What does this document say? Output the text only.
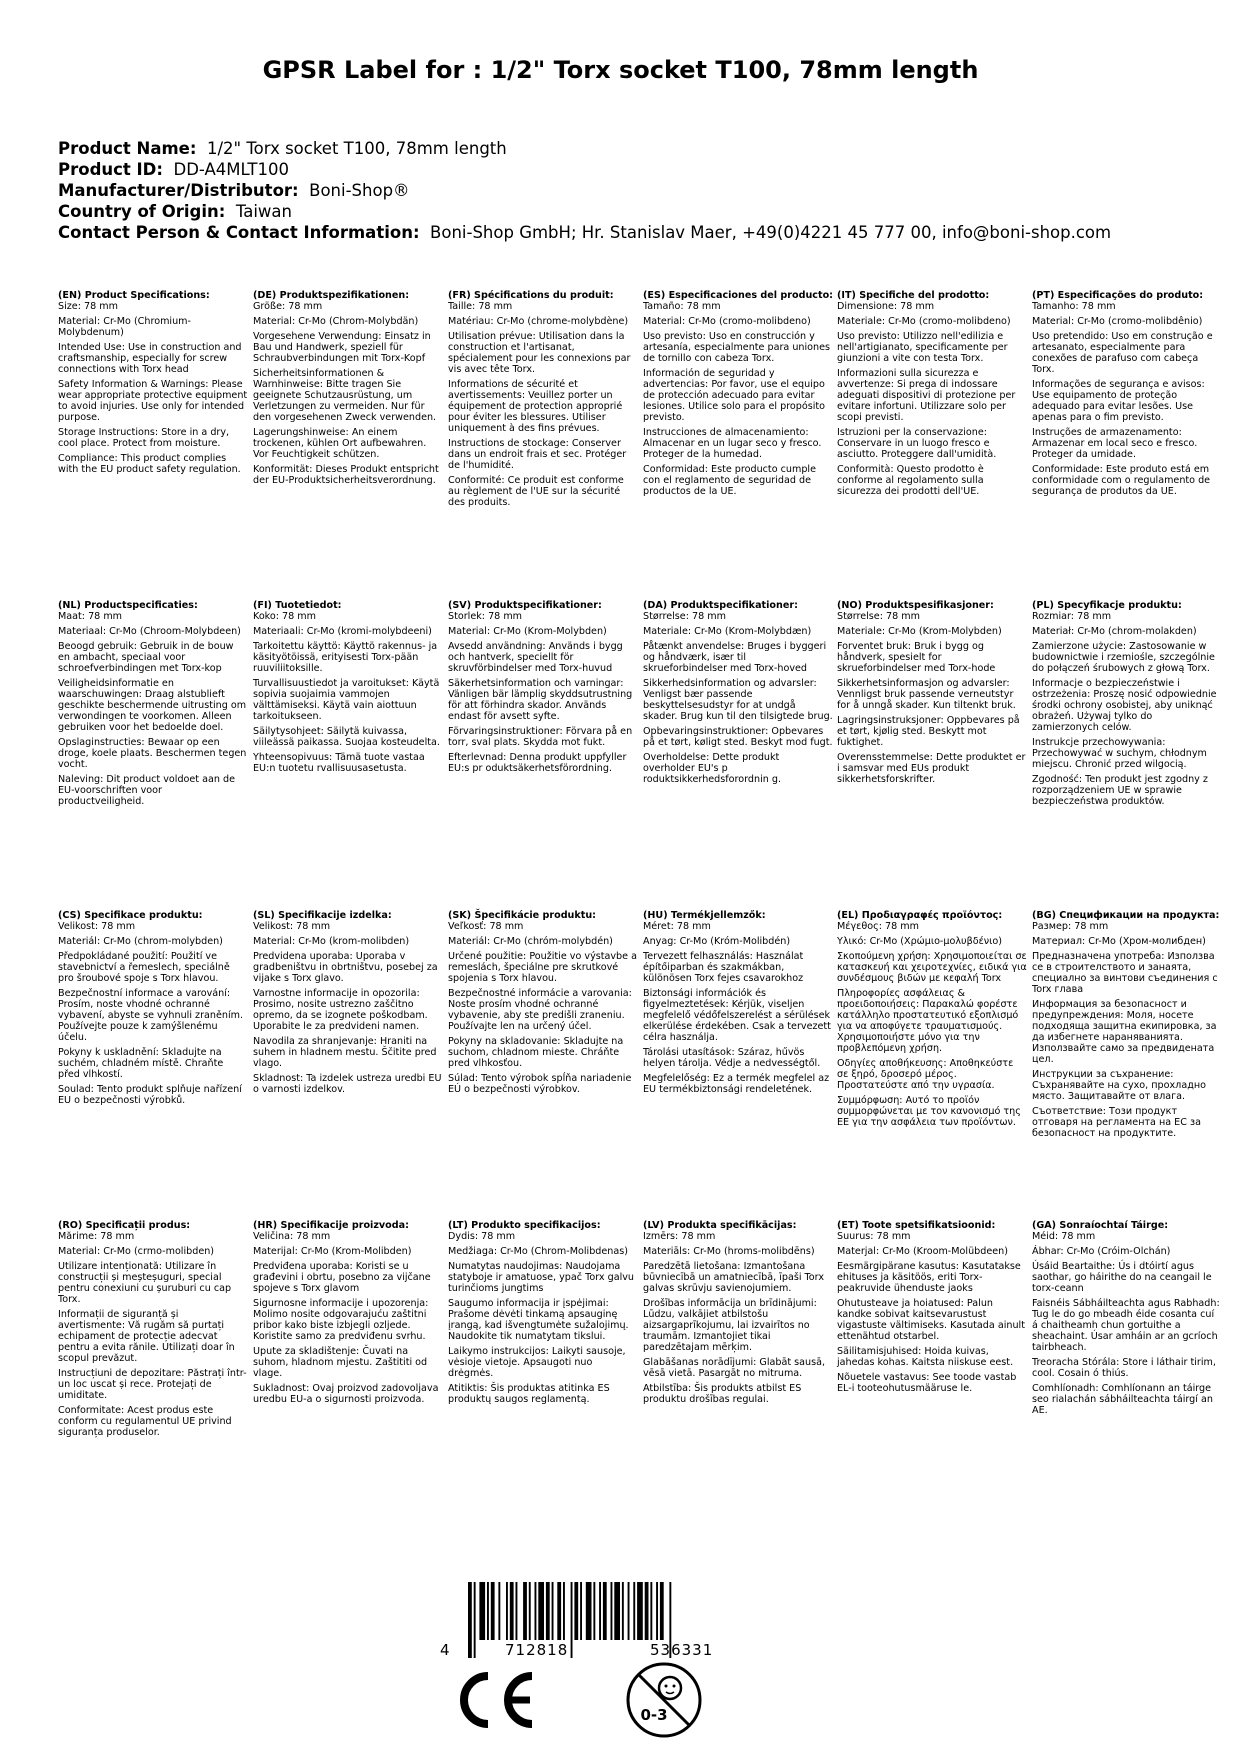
GPSR Label for : 1/2" Torx socket T100, 78mm length
Product Name: 1/2" Torx socket T100, 78mm length
Product ID: DD-A4MLT100
Manufacturer/Distributor: Boni-Shop®
Country of Origin: Taiwan
Contact Person & Contact Information: Boni-Shop GmbH; Hr. Stanislav Maer, +49(0)4221 45 777 00, info@boni-shop.com
(EN) Product Specifications:
Size: 78 mm
Material: Cr-Mo (Chromium-Molybdenum)
Intended Use: Use in construction and craftsmanship, especially for screw connections with Torx head
Safety Information & Warnings: Please wear appropriate protective equipment to avoid injuries. Use only for intended purpose.
Storage Instructions: Store in a dry, cool place. Protect from moisture.
Compliance: This product complies with the EU product safety regulation.
(DE) Produktspezifikationen:
Größe: 78 mm
Material: Cr-Mo (Chrom-Molybdän)
Vorgesehene Verwendung: Einsatz in Bau und Handwerk, speziell für Schraubverbindungen mit Torx-Kopf
Sicherheitsinformationen & Warnhinweise: Bitte tragen Sie geeignete Schutzausrüstung, um Verletzungen zu vermeiden. Nur für den vorgesehenen Zweck verwenden.
Lagerungshinweise: An einem trockenen, kühlen Ort aufbewahren. Vor Feuchtigkeit schützen.
Konformität: Dieses Produkt entspricht der EU-Produktsicherheitsverordnung.
(FR) Spécifications du produit:
Taille: 78 mm
Matériau: Cr-Mo (chrome-molybdène)
Utilisation prévue: Utilisation dans la construction et l'artisanat, spécialement pour les connexions par vis avec tête Torx.
Informations de sécurité et avertissements: Veuillez porter un équipement de protection approprié pour éviter les blessures. Utiliser uniquement à des fins prévues.
Instructions de stockage: Conserver dans un endroit frais et sec. Protéger de l'humidité.
Conformité: Ce produit est conforme au règlement de l'UE sur la sécurité des produits.
(ES) Especificaciones del producto:
Tamaño: 78 mm
Material: Cr-Mo (cromo-molibdeno)
Uso previsto: Uso en construcción y artesanía, especialmente para uniones de tornillo con cabeza Torx.
Información de seguridad y advertencias: Por favor, use el equipo de protección adecuado para evitar lesiones. Utilice solo para el propósito previsto.
Instrucciones de almacenamiento: Almacenar en un lugar seco y fresco. Proteger de la humedad.
Conformidad: Este producto cumple con el reglamento de seguridad de productos de la UE.
(IT) Specifiche del prodotto:
Dimensione: 78 mm
Materiale: Cr-Mo (cromo-molibdeno)
Uso previsto: Utilizzo nell'edilizia e nell'artigianato, specificamente per giunzioni a vite con testa Torx.
Informazioni sulla sicurezza e avvertenze: Si prega di indossare adeguati dispositivi di protezione per evitare infortuni. Utilizzare solo per scopi previsti.
Istruzioni per la conservazione: Conservare in un luogo fresco e asciutto. Proteggere dall'umidità.
Conformità: Questo prodotto è conforme al regolamento sulla sicurezza dei prodotti dell'UE.
(PT) Especificações do produto:
Tamanho: 78 mm
Material: Cr-Mo (cromo-molibdênio)
Uso pretendido: Uso em construção e artesanato, especialmente para conexões de parafuso com cabeça Torx.
Informações de segurança e avisos: Use equipamento de proteção adequado para evitar lesões. Use apenas para o fim previsto.
Instruções de armazenamento: Armazenar em local seco e fresco. Proteger da umidade.
Conformidade: Este produto está em conformidade com o regulamento de segurança de produtos da UE.
(NL) Productspecificaties:
Maat: 78 mm
Materiaal: Cr-Mo (Chroom-Molybdeen)
Beoogd gebruik: Gebruik in de bouw en ambacht, speciaal voor schroefverbindingen met Torx-kop
Veiligheidsinformatie en waarschuwingen: Draag alstublieft geschikte beschermende uitrusting om verwondingen te voorkomen. Alleen gebruiken voor het bedoelde doel.
Opslaginstructies: Bewaar op een droge, koele plaats. Beschermen tegen vocht.
Naleving: Dit product voldoet aan de EU-voorschriften voor productveiligheid.
(FI) Tuotetiedot:
Koko: 78 mm
Materiaali: Cr-Mo (kromi-molybdeeni)
Tarkoitettu käyttö: Käyttö rakennus- ja käsityötöissä, erityisesti Torx-pään ruuviliitoksille.
Turvallisuustiedot ja varoitukset: Käytä sopivia suojaimia vammojen välttämiseksi. Käytä vain aiottuun tarkoitukseen.
Säilytysohjeet: Säilytä kuivassa, viileässä paikassa. Suojaa kosteudelta.
Yhteensopivuus: Tämä tuote vastaa EU:n tuotetu rvallisuusasetusta.
(SV) Produktspecifikationer:
Storlek: 78 mm
Material: Cr-Mo (Krom-Molybden)
Avsedd användning: Används i bygg och hantverk, speciellt för skruvförbindelser med Torx-huvud
Säkerhetsinformation och varningar: Vänligen bär lämplig skyddsutrustning för att förhindra skador. Används endast för avsett syfte.
Förvaringsinstruktioner: Förvara på en torr, sval plats. Skydda mot fukt.
Efterlevnad: Denna produkt uppfyller EU:s pr oduktsäkerhetsförordning.
(DA) Produktspecifikationer:
Størrelse: 78 mm
Materiale: Cr-Mo (Krom-Molybdæn)
Påtænkt anvendelse: Bruges i byggeri og håndværk, især til skrueforbindelser med Torx-hoved
Sikkerhedsinformation og advarsler: Venligst bær passende beskyttelsesudstyr for at undgå skader. Brug kun til den tilsigtede brug.
Opbevaringsinstruktioner: Opbevares på et tørt, køligt sted. Beskyt mod fugt.
Overholdelse: Dette produkt overholder EU's p roduktsikkerhedsforordnin g.
(NO) Produktspesifikasjoner:
Størrelse: 78 mm
Materiale: Cr-Mo (Krom-Molybden)
Forventet bruk: Bruk i bygg og håndverk, spesielt for skrueforbindelser med Torx-hode
Sikkerhetsinformasjon og advarsler: Vennligst bruk passende verneutstyr for å unngå skader. Kun tiltenkt bruk.
Lagringsinstruksjoner: Oppbevares på et tørt, kjølig sted. Beskytt mot fuktighet.
Overensstemmelse: Dette produktet er i samsvar med EUs produkt sikkerhetsforskrifter.
(PL) Specyfikacje produktu:
Rozmiar: 78 mm
Materiał: Cr-Mo (chrom-molakden)
Zamierzone użycie: Zastosowanie w budownictwie i rzemiośle, szczególnie do połączeń śrubowych z głową Torx.
Informacje o bezpieczeństwie i ostrzeżenia: Proszę nosić odpowiednie środki ochrony osobistej, aby uniknąć obrażeń. Używaj tylko do zamierzonych celów.
Instrukcje przechowywania: Przechowywać w suchym, chłodnym miejscu. Chronić przed wilgocią.
Zgodność: Ten produkt jest zgodny z rozporządzeniem UE w sprawie bezpieczeństwa produktów.
(CS) Specifikace produktu:
Velikost: 78 mm
Materiál: Cr-Mo (chrom-molybden)
Předpokládané použití: Použití ve stavebnictví a řemeslech, speciálně pro šroubové spoje s Torx hlavou.
Bezpečnostní informace a varování: Prosím, noste vhodné ochranné vybavení, abyste se vyhnuli zraněním. Používejte pouze k zamýšlenému účelu.
Pokyny k uskladnění: Skladujte na suchém, chladném místě. Chraňte před vlhkostí.
Soulad: Tento produkt splňuje nařízení EU o bezpečnosti výrobků.
(SL) Specifikacije izdelka:
Velikost: 78 mm
Material: Cr-Mo (krom-molibden)
Predvidena uporaba: Uporaba v gradbeništvu in obrtništvu, posebej za vijake s Torx glavo.
Varnostne informacije in opozorila: Prosimo, nosite ustrezno zaščitno opremo, da se izognete poškodbam. Uporabite le za predvideni namen.
Navodila za shranjevanje: Hraniti na suhem in hladnem mestu. Ščitite pred vlago.
Skladnost: Ta izdelek ustreza uredbi EU o varnosti izdelkov.
(SK) Špecifikácie produktu:
Veľkosť: 78 mm
Materiál: Cr-Mo (chróm-molybdén)
Určené použitie: Použitie vo výstavbe a remeslách, špeciálne pre skrutkové spojenia s Torx hlavou.
Bezpečnostné informácie a varovania: Noste prosím vhodné ochranné vybavenie, aby ste predišli zraneniu. Používajte len na určený účel.
Pokyny na skladovanie: Skladujte na suchom, chladnom mieste. Chráňte pred vlhkosťou.
Súlad: Tento výrobok spĺňa nariadenie EÚ o bezpečnosti výrobkov.
(HU) Termékjellemzők:
Méret: 78 mm
Anyag: Cr-Mo (Króm-Molibdén)
Tervezett felhasználás: Használat építőiparban és szakmákban, különösen Torx fejes csavarokhoz
Biztonsági információk és figyelmeztetések: Kérjük, viseljen megfelelő védőfelszerelést a sérülések elkerülése érdekében. Csak a tervezett célra használja.
Tárolási utasítások: Száraz, hűvös helyen tárolja. Védje a nedvességtől.
Megfelelőség: Ez a termék megfelel az EU termékbiztonsági rendeletének.
(EL) Προδιαγραφές προϊόντος:
Μέγεθος: 78 mm
Υλικό: Cr-Mo (Χρώμιο-μολυβδένιο)
Σκοπούμενη χρήση: Χρησιμοποιείται σε κατασκευή και χειροτεχνίες, ειδικά για συνδέσμους βιδών με κεφαλή Torx
Πληροφορίες ασφάλειας & προειδοποιήσεις: Παρακαλώ φορέστε κατάλληλο προστατευτικό εξοπλισμό για να αποφύγετε τραυματισμούς. Χρησιμοποιήστε μόνο για την προβλεπόμενη χρήση.
Οδηγίες αποθήκευσης: Αποθηκεύστε σε ξηρό, δροσερό μέρος. Προστατεύστε από την υγρασία.
Συμμόρφωση: Αυτό το προϊόν συμμορφώνεται με τον κανονισμό της ΕΕ για την ασφάλεια των προϊόντων.
(BG) Спецификации на продукта:
Размер: 78 mm
Материал: Cr-Mo (Хром-молибден)
Предназначена употреба: Използва се в строителството и занаята, специално за винтови съединения с Torx глава
Информация за безопасност и предупреждения: Моля, носете подходяща защитна екипировка, за да избегнете нараняванията. Използвайте само за предвидената цел.
Инструкции за съхранение: Съхранявайте на сухо, прохладно място. Защитавайте от влага.
Съответствие: Този продукт отговаря на регламента на ЕС за безопасност на продуктите.
(RO) Specificații produs:
Mărime: 78 mm
Material: Cr-Mo (crmo-molibden)
Utilizare intenționată: Utilizare în construcții și meșteșuguri, special pentru conexiuni cu șuruburi cu cap Torx.
Informații de siguranță și avertismente: Vă rugăm să purtați echipament de protecție adecvat pentru a evita rănile. Utilizați doar în scopul prevăzut.
Instrucțiuni de depozitare: Păstrați într-un loc uscat și rece. Protejați de umiditate.
Conformitate: Acest produs este conform cu regulamentul UE privind siguranța produselor.
(HR) Specifikacije proizvoda:
Veličina: 78 mm
Materijal: Cr-Mo (Krom-Molibden)
Predviđena uporaba: Koristi se u građevini i obrtu, posebno za vijčane spojeve s Torx glavom
Sigurnosne informacije i upozorenja: Molimo nosite odgovarajuću zaštitni pribor kako biste izbjegli ozljede. Koristite samo za predviđenu svrhu.
Upute za skladištenje: Čuvati na suhom, hladnom mjestu. Zaštititi od vlage.
Sukladnost: Ovaj proizvod zadovoljava uredbu EU-a o sigurnosti proizvoda.
(LT) Produkto specifikacijos:
Dydis: 78 mm
Medžiaga: Cr-Mo (Chrom-Molibdenas)
Numatytas naudojimas: Naudojama statyboje ir amatuose, ypač Torx galvu turinčioms jungtims
Saugumo informacija ir įspėjimai: Prašome dėvėti tinkamą apsauginę įrangą, kad išvengtumėte sužalojimų. Naudokite tik numatytam tikslui.
Laikymo instrukcijos: Laikyti sausoje, vėsioje vietoje. Apsaugoti nuo drėgmės.
Atitiktis: Šis produktas atitinka ES produktų saugos reglamentą.
(LV) Produkta specifikācijas:
Izmērs: 78 mm
Materiāls: Cr-Mo (hroms-molibdēns)
Paredzētā lietošana: Izmantošana būvniecībā un amatniecībā, īpaši Torx galvas skrūvju savienojumiem.
Drošības informācija un brīdinājumi: Lūdzu, valkājiet atbilstošu aizsargaprīkojumu, lai izvairītos no traumām. Izmantojiet tikai paredzētajam mērķim.
Glabāšanas norādījumi: Glabāt sausā, vēsā vietā. Pasargāt no mitruma.
Atbilstība: Šis produkts atbilst ES produktu drošības regulai.
(ET) Toote spetsifikatsioonid:
Suurus: 78 mm
Materjal: Cr-Mo (Kroom-Molübdeen)
Eesmärgipärane kasutus: Kasutatakse ehituses ja käsitöös, eriti Torx-peakruvide ühenduste jaoks
Ohutusteave ja hoiatused: Palun kandke sobivat kaitsevarustust vigastuste vältimiseks. Kasutada ainult ettenähtud otstarbel.
Säilitamisjuhised: Hoida kuivas, jahedas kohas. Kaitsta niiskuse eest.
Nõuetele vastavus: See toode vastab EL-i tooteohutusmääruse le.
(GA) Sonraíochtaí Táirge:
Méid: 78 mm
Ábhar: Cr-Mo (Cróim-Olchán)
Úsáid Beartaithe: Ús i dtóirtí agus saothar, go háirithe do na ceangail le torx-ceann
Faisnéis Sábháilteachta agus Rabhadh: Tug le do go mbeadh éide cosanta cuí á chaitheamh chun gortuithe a sheachaint. Úsar amháin ar an gcríoch tairbheach.
Treoracha Stórála: Store i láthair tirim, cool. Cosain ó thiús.
Comhlíonadh: Comhlíonann an táirge seo rialachán sábháilteachta táirgí an AE.
4	712818	536331
0-3
